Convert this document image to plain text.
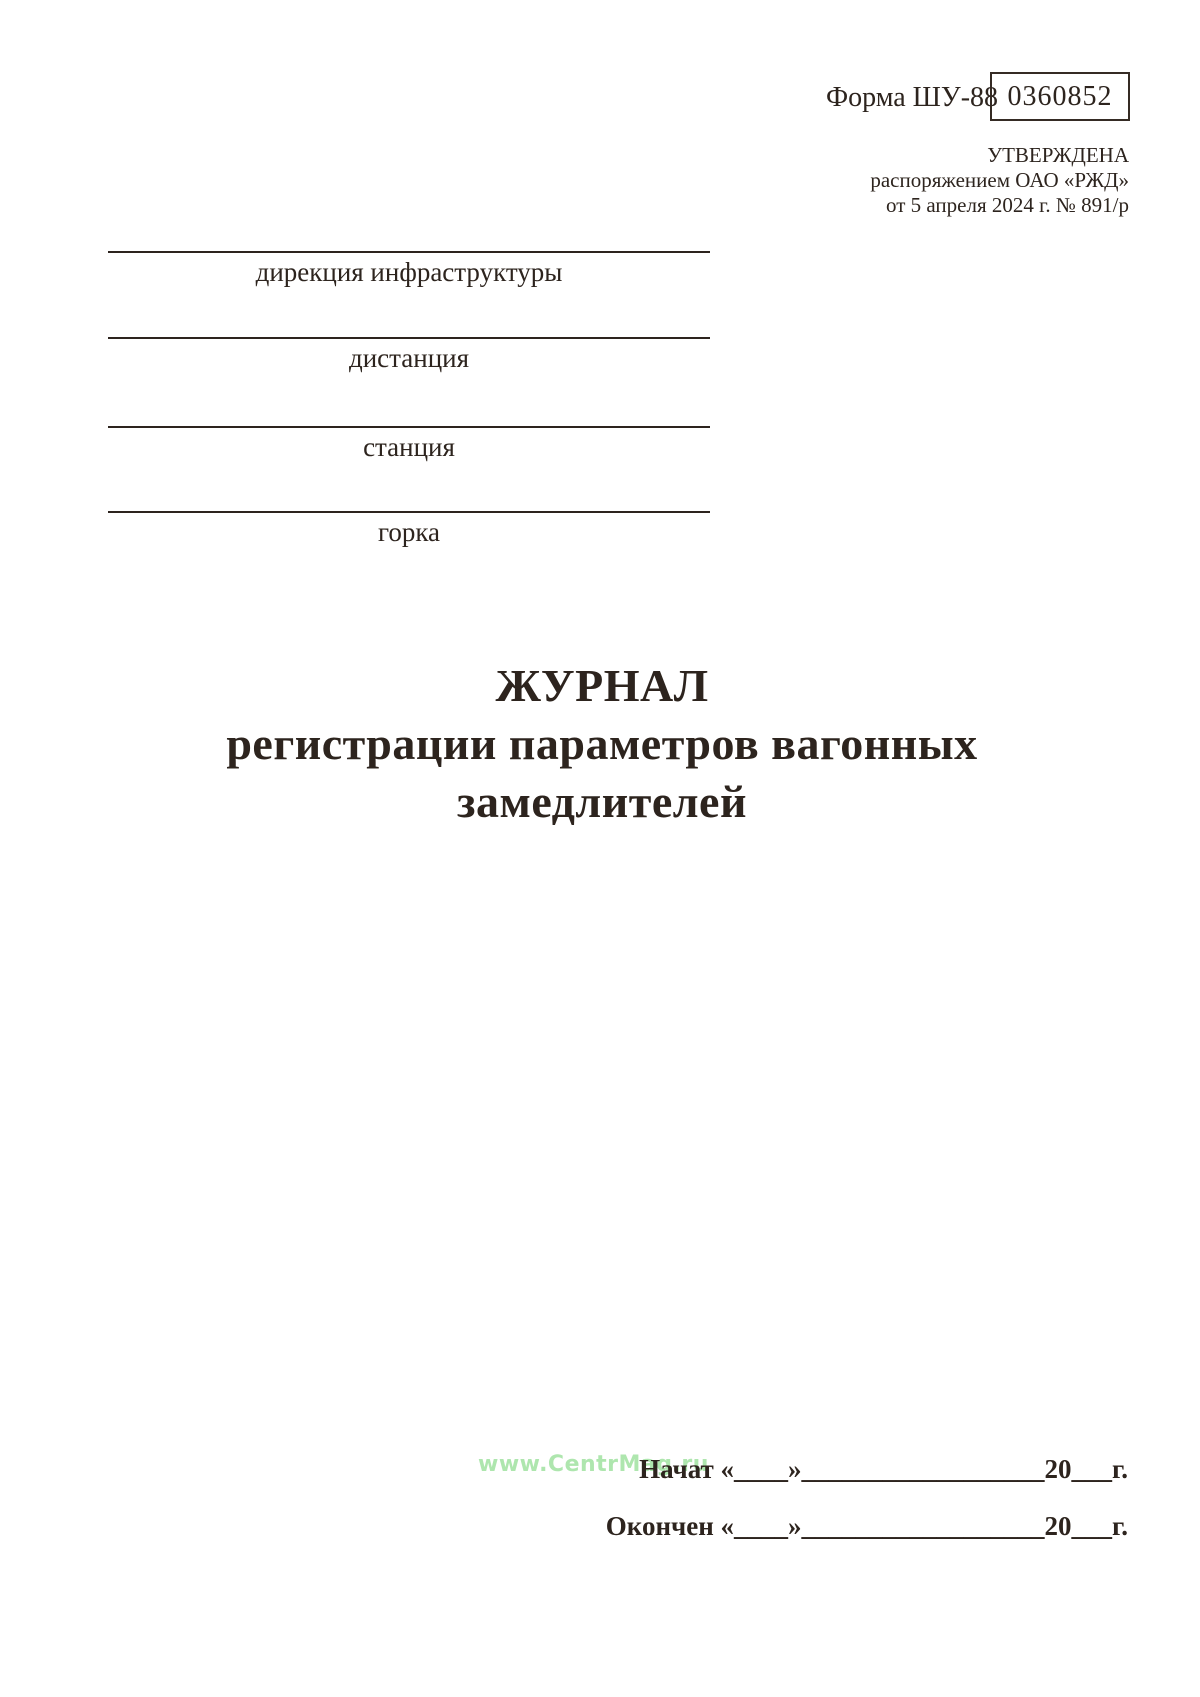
Форма ШУ-88 0360852
УТВЕРЖДЕНА
распоряжением ОАО «РЖД»
от 5 апреля 2024 г. № 891/р
дирекция инфраструктуры
дистанция
станция
горка
ЖУРНАЛ
регистрации параметров вагонных
замедлителей
www.CentrMag.ru
Начат «____»__________________20___г.
Окончен «____»__________________20___г.
